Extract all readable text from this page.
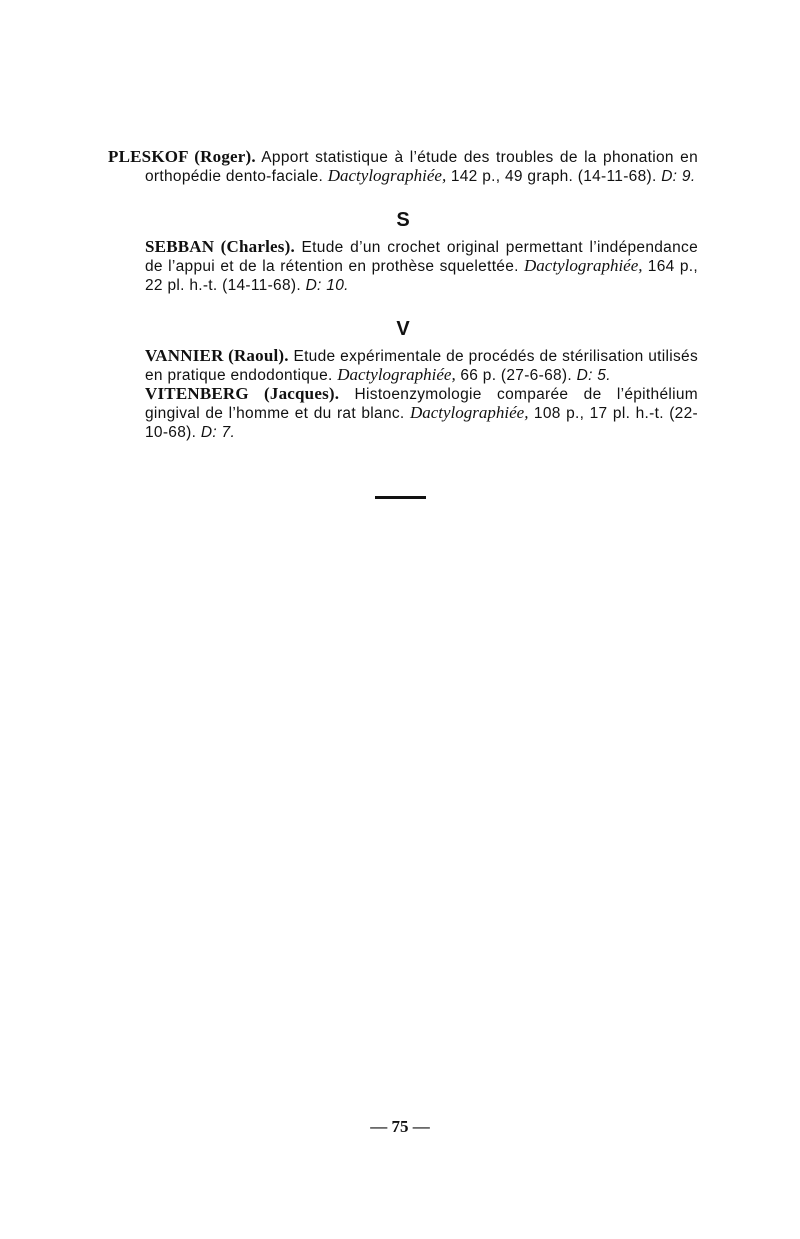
PLESKOF (Roger). Apport statistique à l’étude des troubles de la phonation en orthopédie dento-faciale. Dactylographiée, 142 p., 49 graph. (14-11-68). D: 9.

S

SEBBAN (Charles). Etude d’un crochet original permettant l’indépendance de l’appui et de la rétention en prothèse squelettée. Dactylographiée, 164 p., 22 pl. h.-t. (14-11-68). D: 10.

V

VANNIER (Raoul). Etude expérimentale de procédés de stérilisation utilisés en pratique endodontique. Dactylographiée, 66 p. (27-6-68). D: 5.

VITENBERG (Jacques). Histoenzymologie comparée de l’épithélium gingival de l’homme et du rat blanc. Dactylographiée, 108 p., 17 pl. h.-t. (22-10-68). D: 7.

— 75 —
